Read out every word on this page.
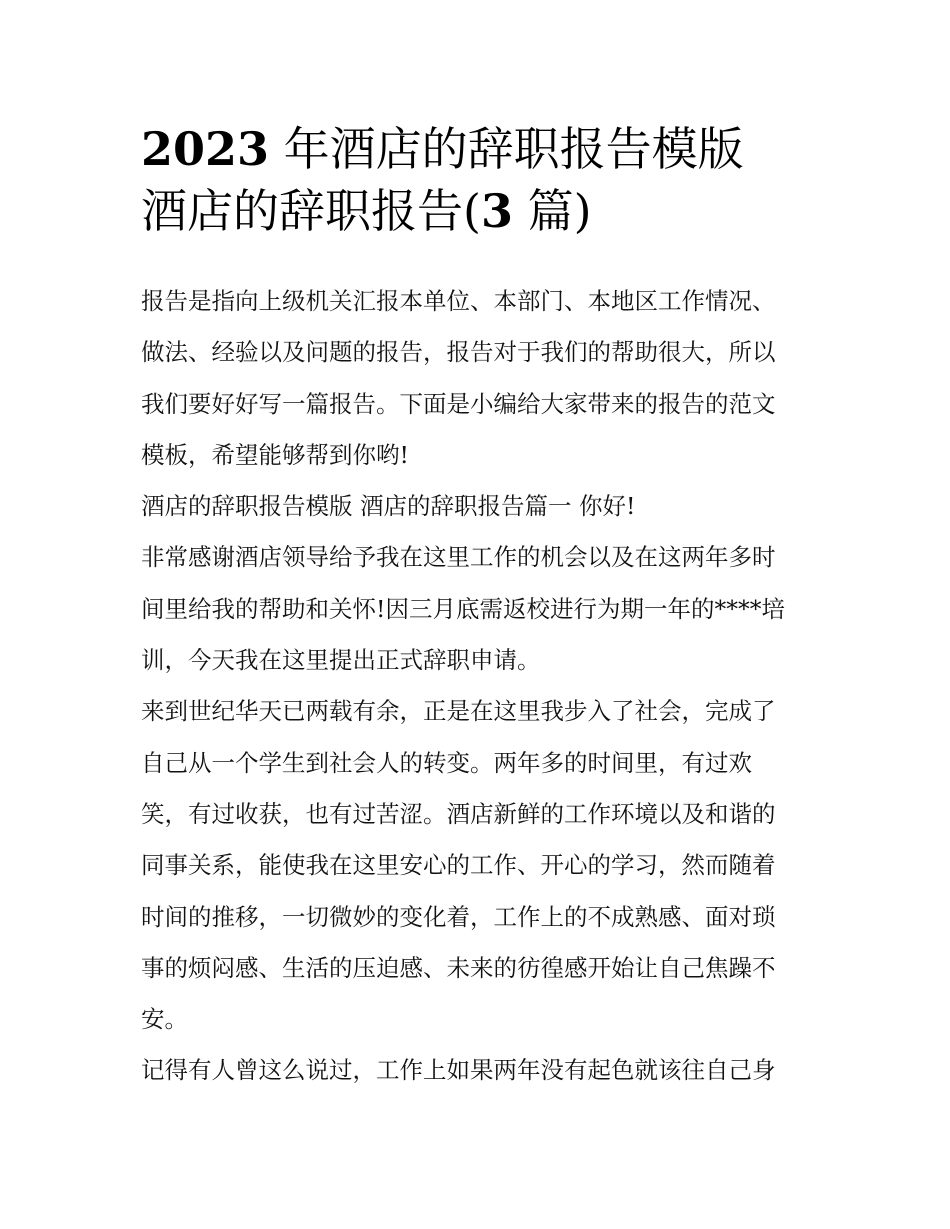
2023 年酒店的辞职报告模版
酒店的辞职报告(3 篇)
报告是指向上级机关汇报本单位、本部门、本地区工作情况、
做法、经验以及问题的报告，报告对于我们的帮助很大，所以
我们要好好写一篇报告。下面是小编给大家带来的报告的范文
模板，希望能够帮到你哟!
酒店的辞职报告模版 酒店的辞职报告篇一 你好!
非常感谢酒店领导给予我在这里工作的机会以及在这两年多时
间里给我的帮助和关怀!因三月底需返校进行为期一年的****培
训，今天我在这里提出正式辞职申请。
来到世纪华天已两载有余，正是在这里我步入了社会，完成了
自己从一个学生到社会人的转变。两年多的时间里，有过欢
笑，有过收获，也有过苦涩。酒店新鲜的工作环境以及和谐的
同事关系，能使我在这里安心的工作、开心的学习，然而随着
时间的推移，一切微妙的变化着，工作上的不成熟感、面对琐
事的烦闷感、生活的压迫感、未来的彷徨感开始让自己焦躁不
安。
记得有人曾这么说过，工作上如果两年没有起色就该往自己身
